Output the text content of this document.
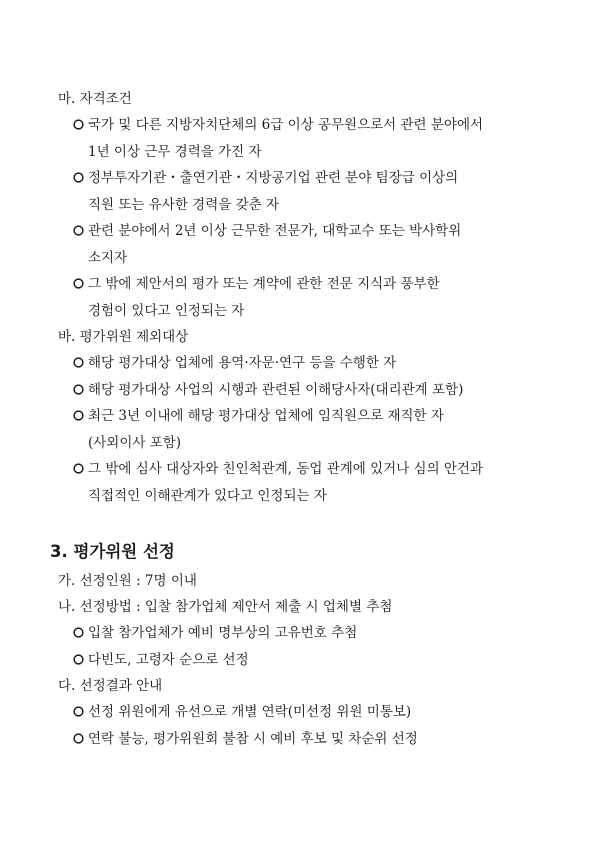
마. 자격조건
국가 및 다른 지방자치단체의 6급 이상 공무원으로서 관련 분야에서
1년 이상 근무 경력을 가진 자
정부투자기관・출연기관・지방공기업 관련 분야 팀장급 이상의
직원 또는 유사한 경력을 갖춘 자
관련 분야에서 2년 이상 근무한 전문가, 대학교수 또는 박사학위
소지자
그 밖에 제안서의 평가 또는 계약에 관한 전문 지식과 풍부한
경험이 있다고 인정되는 자
바. 평가위원 제외대상
해당 평가대상 업체에 용역·자문·연구 등을 수행한 자
해당 평가대상 사업의 시행과 관련된 이해당사자(대리관계 포함)
최근 3년 이내에 해당 평가대상 업체에 임직원으로 재직한 자
(사외이사 포함)
그 밖에 심사 대상자와 친인척관계, 동업 관계에 있거나 심의 안건과
직접적인 이해관계가 있다고 인정되는 자
3. 평가위원 선정
가. 선정인원 : 7명 이내
나. 선정방법 : 입찰 참가업체 제안서 제출 시 업체별 추첨
입찰 참가업체가 예비 명부상의 고유번호 추첨
다빈도, 고령자 순으로 선정
다. 선정결과 안내
선정 위원에게 유선으로 개별 연락(미선정 위원 미통보)
연락 불능, 평가위원회 불참 시 예비 후보 및 차순위 선정
